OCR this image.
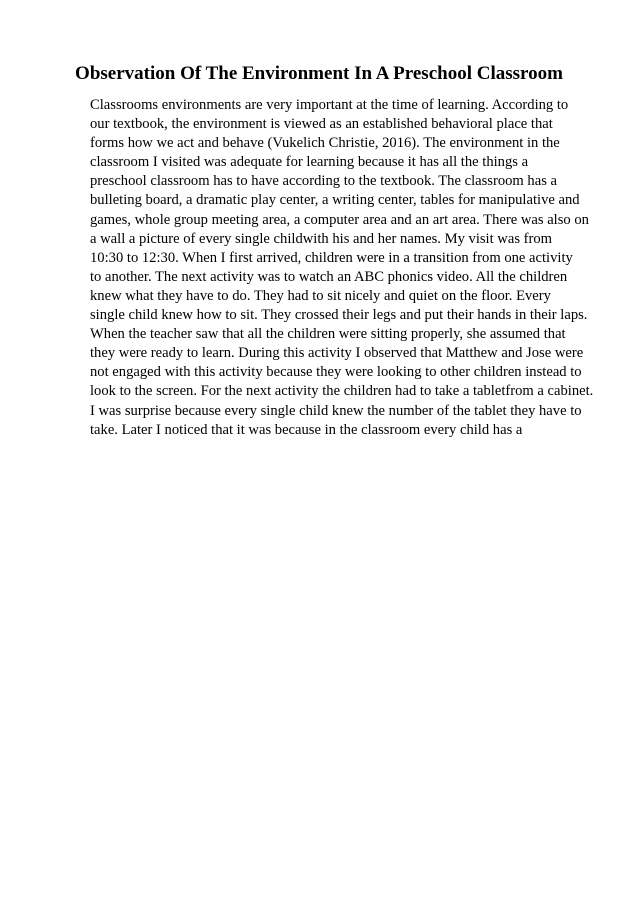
Observation Of The Environment In A Preschool Classroom
Classrooms environments are very important at the time of learning. According to
our textbook, the environment is viewed as an established behavioral place that
forms how we act and behave (Vukelich Christie, 2016). The environment in the
classroom I visited was adequate for learning because it has all the things a
preschool classroom has to have according to the textbook. The classroom has a
bulleting board, a dramatic play center, a writing center, tables for manipulative and
games, whole group meeting area, a computer area and an art area. There was also on
a wall a picture of every single childwith his and her names. My visit was from
10:30 to 12:30. When I first arrived, children were in a transition from one activity
to another. The next activity was to watch an ABC phonics video. All the children
knew what they have to do. They had to sit nicely and quiet on the floor. Every
single child knew how to sit. They crossed their legs and put their hands in their laps.
When the teacher saw that all the children were sitting properly, she assumed that
they were ready to learn. During this activity I observed that Matthew and Jose were
not engaged with this activity because they were looking to other children instead to
look to the screen. For the next activity the children had to take a tabletfrom a cabinet.
I was surprise because every single child knew the number of the tablet they have to
take. Later I noticed that it was because in the classroom every child has a
